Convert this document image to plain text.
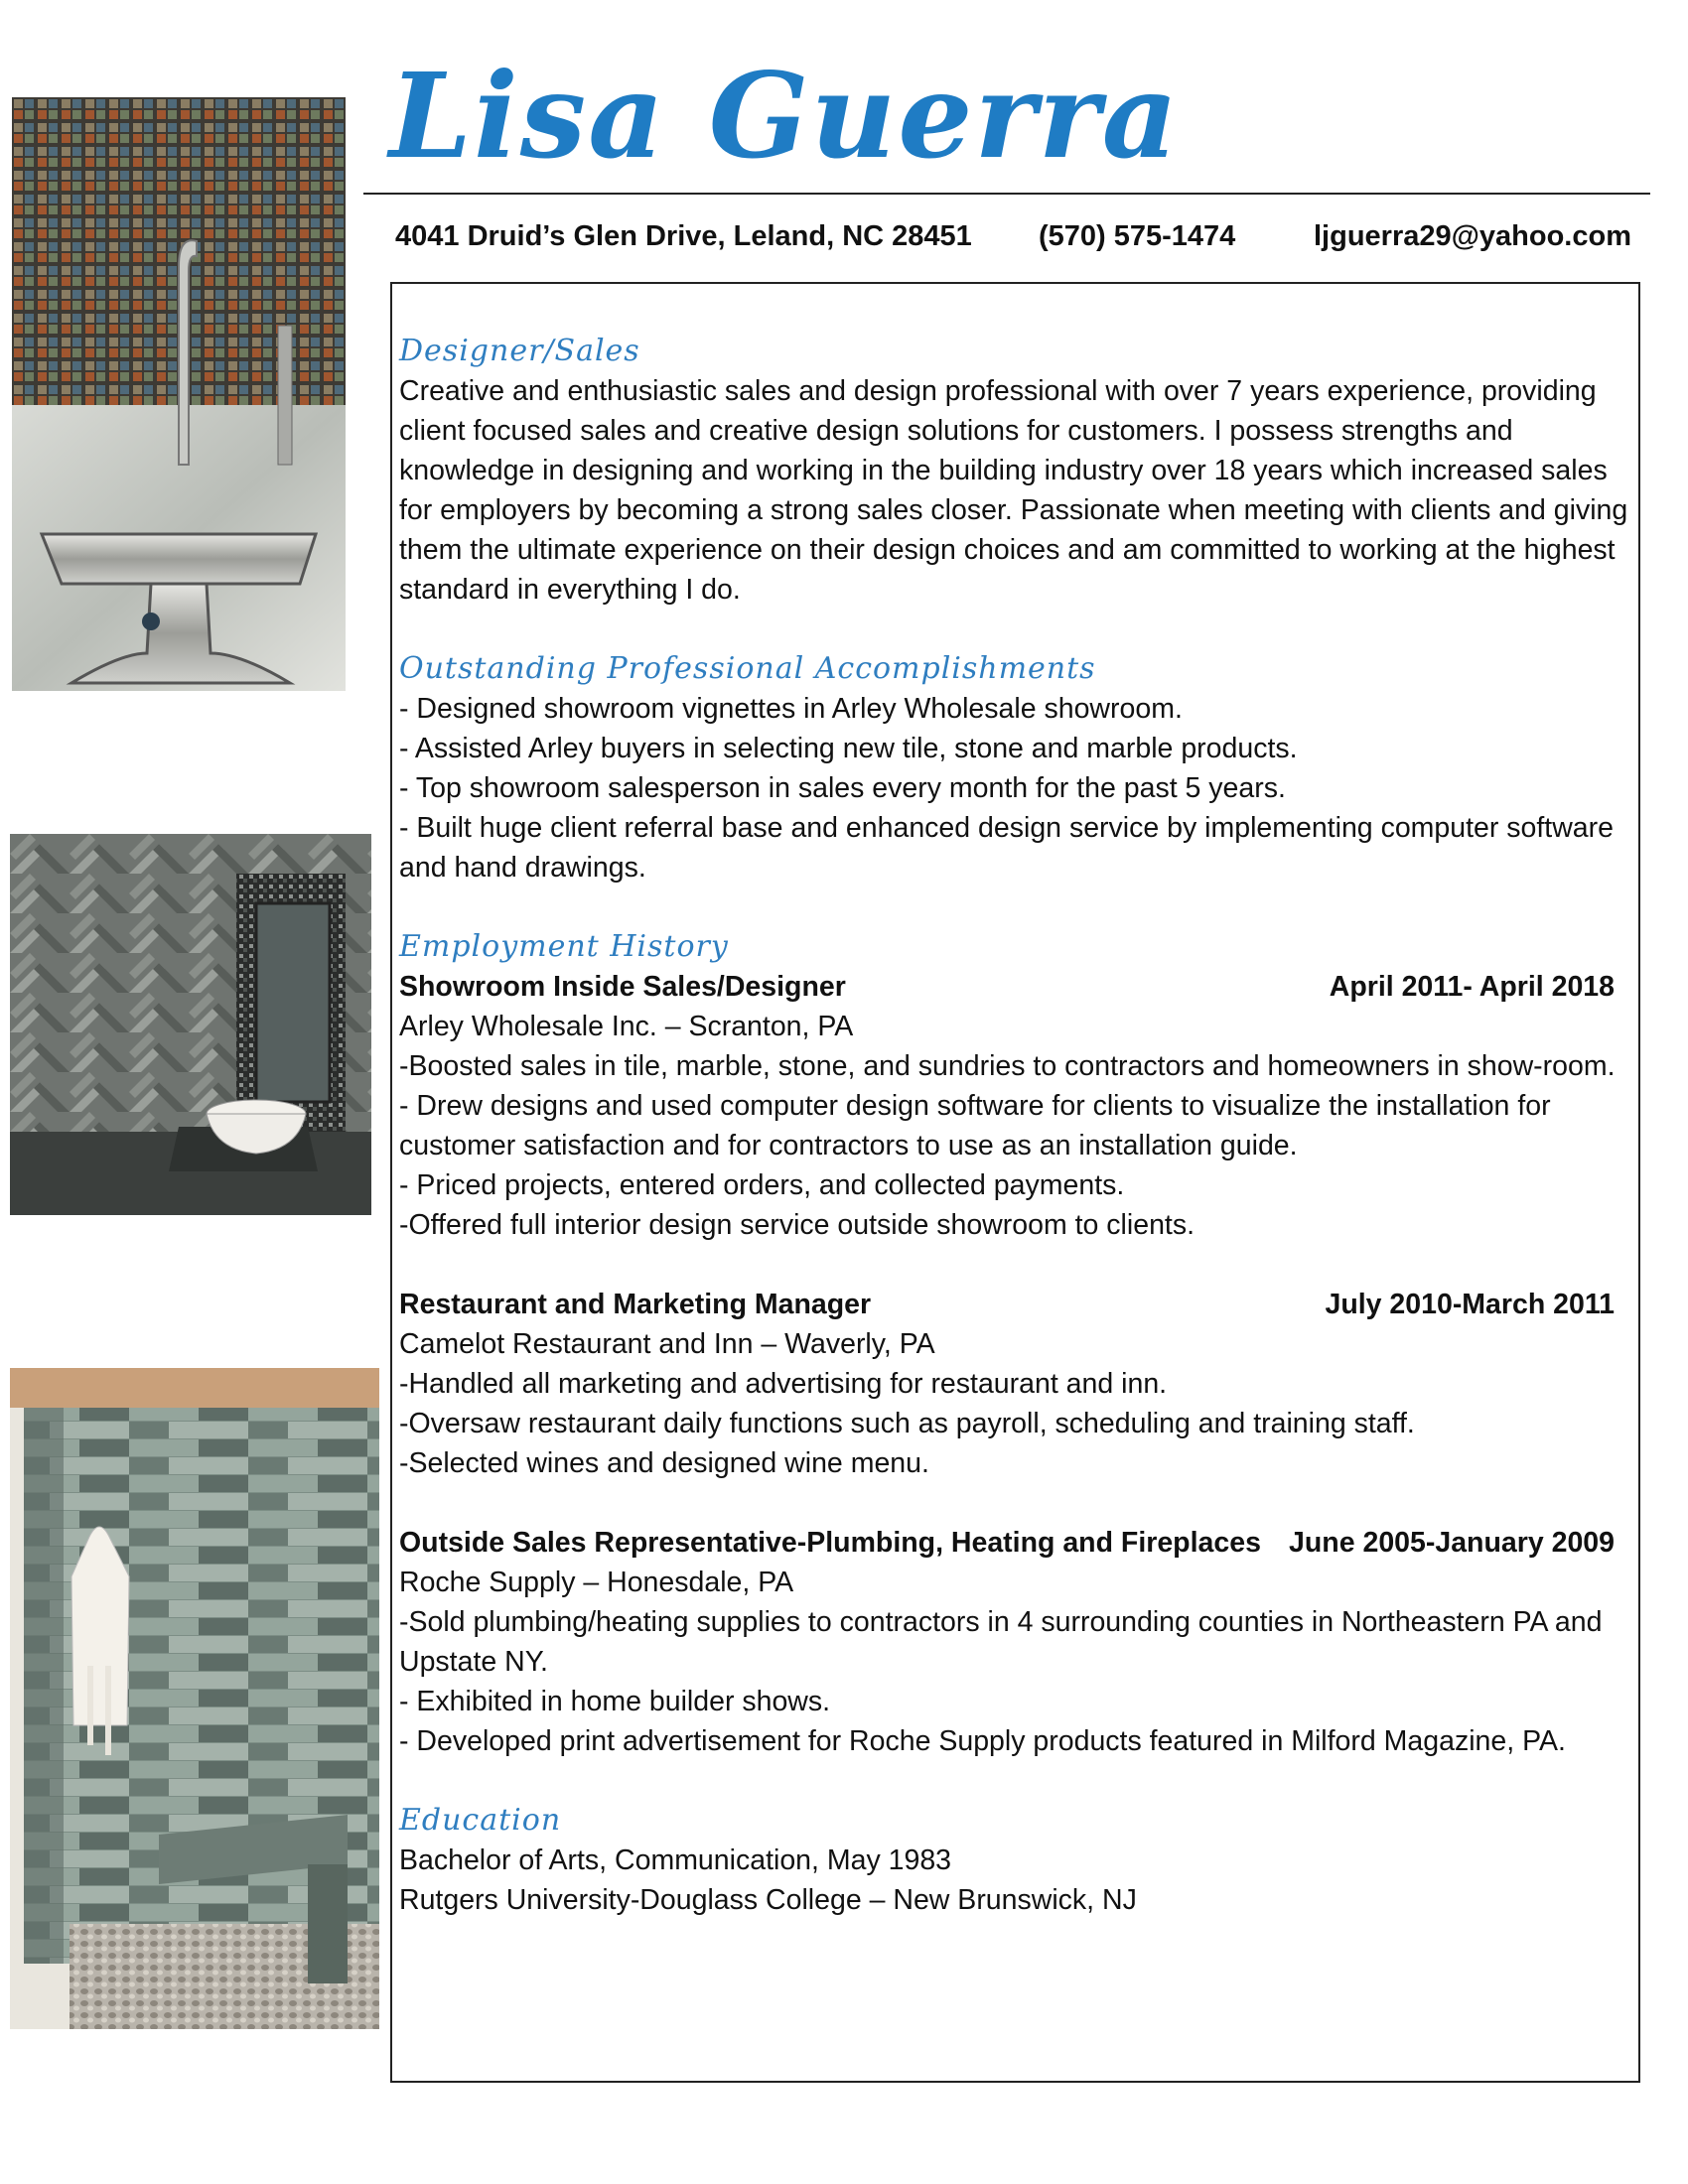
Lisa Guerra
4041 Druid’s Glen Drive, Leland, NC 28451 (570) 575-1474	ljguerra29@yahoo.com
Designer/Sales

Creative and enthusiastic sales and design professional with over 7 years experience, providing client focused sales and creative design solutions for customers. I possess strengths and knowledge in designing and working in the building industry over 18 years which increased sales for employers by becoming a strong sales closer. Passionate when meeting with clients and giving them the ultimate experience on their design choices and am committed to working at the highest standard in everything I do.

Outstanding Professional Accomplishments
- Designed showroom vignettes in Arley Wholesale showroom.
- Assisted Arley buyers in selecting new tile, stone and marble products.
- Top showroom salesperson in sales every month for the past 5 years.
- Built huge client referral base and enhanced design service by implementing computer software and hand drawings.
Employment History
Showroom Inside Sales/Designer	April 2011- April 2018
Arley Wholesale Inc. – Scranton, PA
-Boosted sales in tile, marble, stone, and sundries to contractors and homeowners in show-room.
- Drew designs and used computer design software for clients to visualize the installation for customer satisfaction and for contractors to use as an installation guide.
- Priced projects, entered orders, and collected payments.
-Offered full interior design service outside showroom to clients.
Restaurant and Marketing Manager	July 2010-March 2011
Camelot Restaurant and Inn – Waverly, PA
-Handled all marketing and advertising for restaurant and inn.
-Oversaw restaurant daily functions such as payroll, scheduling and training staff.
-Selected wines and designed wine menu.
Outside Sales Representative-Plumbing, Heating and Fireplaces June 2005-January 2009
Roche Supply – Honesdale, PA
-Sold plumbing/heating supplies to contractors in 4 surrounding counties in Northeastern PA and Upstate NY.
- Exhibited in home builder shows.
- Developed print advertisement for Roche Supply products featured in Milford Magazine, PA.
Education
Bachelor of Arts, Communication, May 1983
Rutgers University-Douglass College – New Brunswick, NJ
